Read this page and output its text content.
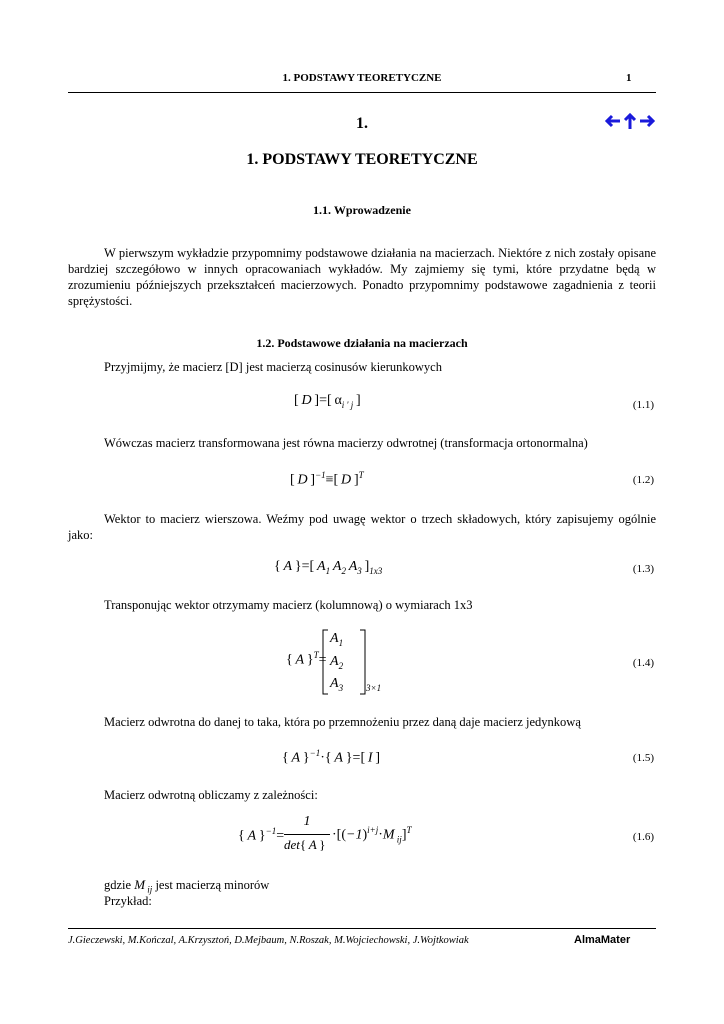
1. PODSTAWY TEORETYCZNE	1
1.
1. PODSTAWY TEORETYCZNE
1.1. Wprowadzenie

W pierwszym wykładzie przypomnimy podstawowe działania na macierzach. Niektóre z nich zostały opisane bardziej szczegółowo w innych opracowaniach wykładów. My zajmiemy się tymi, które przydatne będą w zrozumieniu późniejszych przekształceń macierzowych. Ponadto przypomnimy podstawowe zagadnienia z teorii sprężystości.

1.2. Podstawowe działania na macierzach
Przyjmijmy, że macierz [D] jest macierzą cosinusów kierunkowych
[ D ]=[  $\alpha_{i ' j}$  ]	(1.1)
Wówczas macierz transformowana jest równa macierzy odwrotnej (transformacja ortonormalna)
[ D ]$^{-1}$≡[ D ]$^T$	(1.2)

Wektor to macierz wierszowa. Weźmy pod uwagę wektor o trzech składowych, który zapisujemy ogólnie jako:

{ A }=[ $A_1$ $A_2$ $A_3$  ]$_{1x3}$	(1.3)
Transponując wektor otrzymamy macierz (kolumnową) o wymiarach 1x3
{ A }$^T$=
$A_1$
$A_2$
$A_3$	3×1
(1.4)
Macierz odwrotna do danej to taka, która po przemnożeniu przez daną daje macierz jedynkową
{ A }$^{-1}$·{ A }=[ I ]	(1.5)
Macierz odwrotną obliczamy z zależności:
{ A }$^{-1}$=
1
det{ A }
$\cdot[(-1)^{i+j}\cdot M$ $_{ij}$]$^T$
(1.6)
gdzie M $_{ij}$ jest macierzą minorów
Przykład:
J.Gieczewski, M.Kończal, A.Krzysztoń, D.Mejbaum, N.Roszak, M.Wojciechowski, J.Wojtkowiak	AlmaMater
